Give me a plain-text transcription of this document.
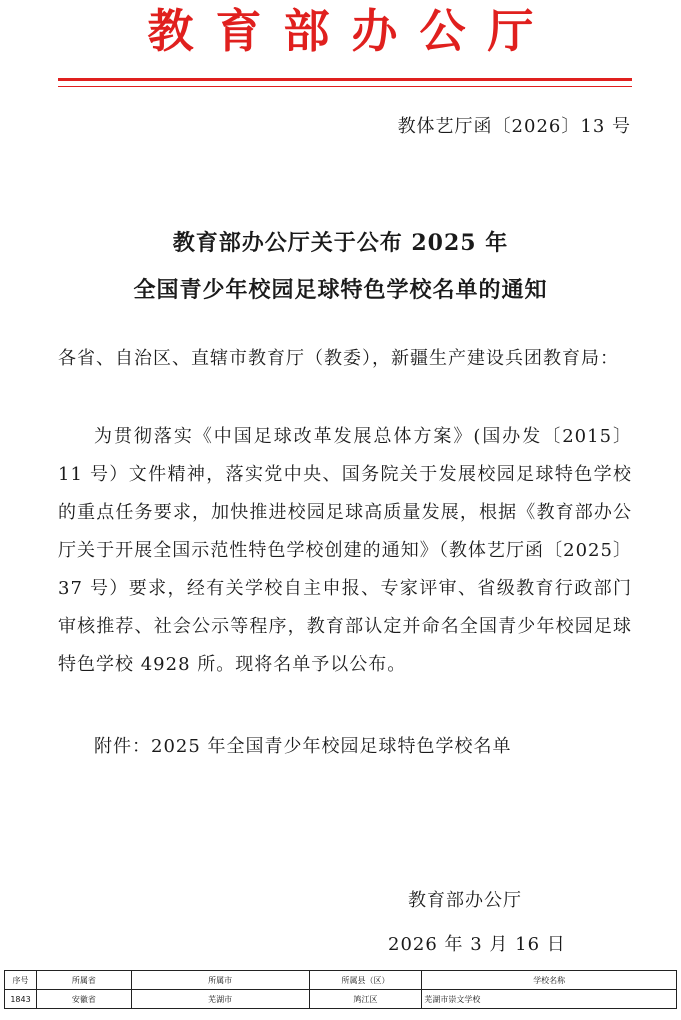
教育部办公厅
教体艺厅函〔2026〕13 号
教育部办公厅关于公布 2025 年
全国青少年校园足球特色学校名单的通知
各省、自治区、直辖市教育厅（教委），新疆生产建设兵团教育局：
为贯彻落实《中国足球改革发展总体方案》(国办发〔2015〕11 号）文件精神，落实党中央、国务院关于发展校园足球特色学校的重点任务要求，加快推进校园足球高质量发展，根据《教育部办公厅关于开展全国示范性特色学校创建的通知》（教体艺厅函〔2025〕37 号）要求，经有关学校自主申报、专家评审、省级教育行政部门审核推荐、社会公示等程序，教育部认定并命名全国青少年校园足球特色学校 4928 所。现将名单予以公布。
附件：2025 年全国青少年校园足球特色学校名单
教育部办公厅
2026 年 3 月 16 日
序号	所属省	所属市	所属县（区）	学校名称
1843	安徽省	芜湖市	鸠江区	芜湖市崇文学校
